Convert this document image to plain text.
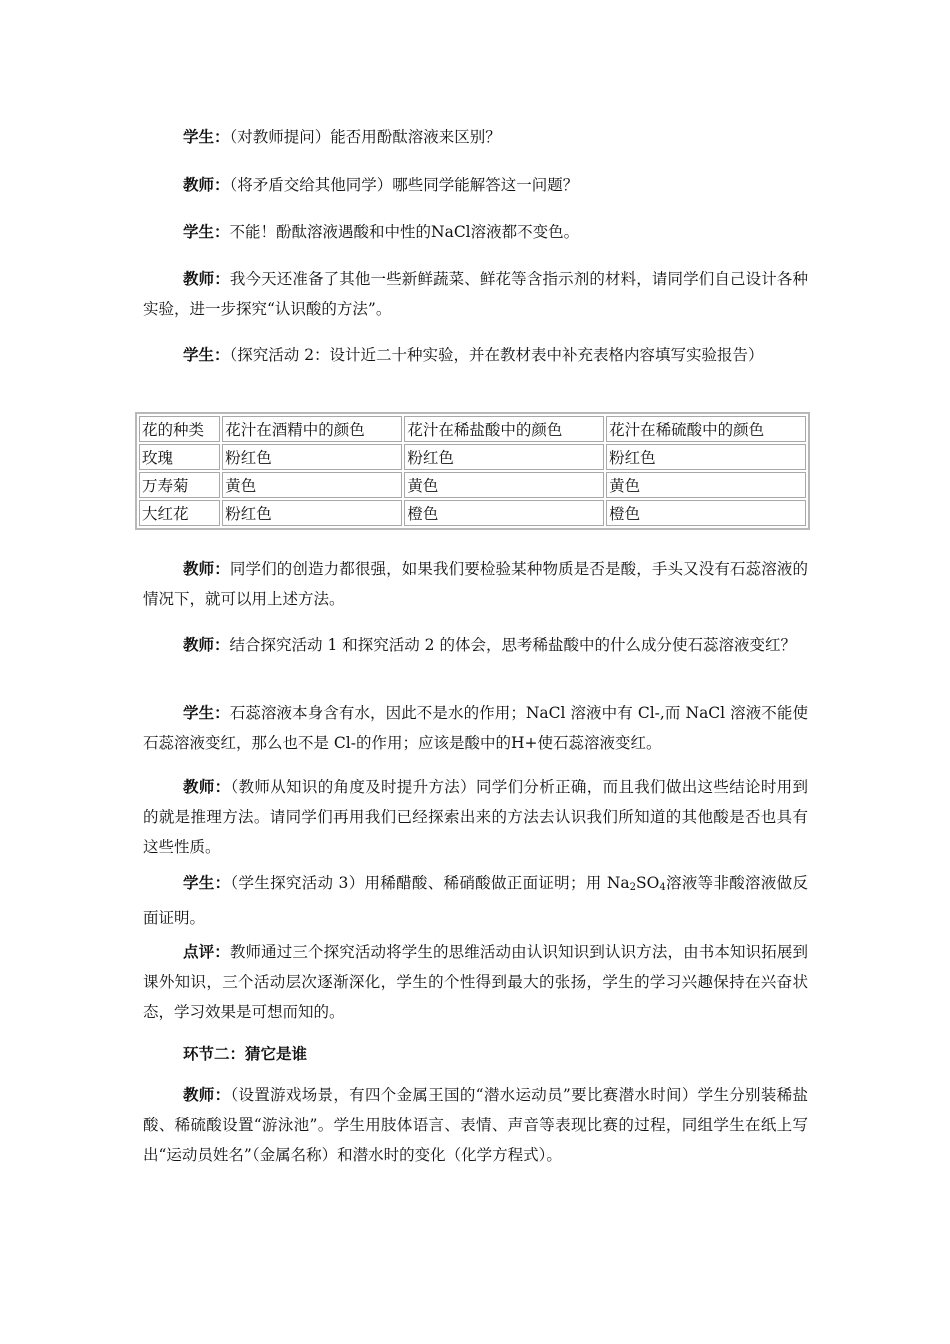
学生：（对教师提问）能否用酚酞溶液来区别？

教师：（将矛盾交给其他同学）哪些同学能解答这一问题？

学生：不能！酚酞溶液遇酸和中性的NaCl溶液都不变色。

教师：我今天还准备了其他一些新鲜蔬菜、鲜花等含指示剂的材料，请同学们自己设计各种实验，进一步探究“认识酸的方法”。

学生：（探究活动 2：设计近二十种实验，并在教材表中补充表格内容填写实验报告）

花的种类	花汁在酒精中的颜色	花汁在稀盐酸中的颜色	花汁在稀硫酸中的颜色
玫瑰	粉红色	粉红色	粉红色
万寿菊	黄色	黄色	黄色
大红花	粉红色	橙色	橙色

教师：同学们的创造力都很强，如果我们要检验某种物质是否是酸，手头又没有石蕊溶液的情况下，就可以用上述方法。

教师：结合探究活动 1 和探究活动 2 的体会，思考稀盐酸中的什么成分使石蕊溶液变红？

学生：石蕊溶液本身含有水，因此不是水的作用；NaCl 溶液中有 Cl-,而 NaCl 溶液不能使石蕊溶液变红，那么也不是 Cl-的作用；应该是酸中的H+使石蕊溶液变红。

教师：（教师从知识的角度及时提升方法）同学们分析正确，而且我们做出这些结论时用到的就是推理方法。请同学们再用我们已经探索出来的方法去认识我们所知道的其他酸是否也具有这些性质。

学生：（学生探究活动 3）用稀醋酸、稀硝酸做正面证明；用 $Na_2SO_4$溶液等非酸溶液做反面证明。

点评：教师通过三个探究活动将学生的思维活动由认识知识到认识方法，由书本知识拓展到课外知识，三个活动层次逐渐深化，学生的个性得到最大的张扬，学生的学习兴趣保持在兴奋状态，学习效果是可想而知的。

环节二：猜它是谁

教师：（设置游戏场景，有四个金属王国的“潜水运动员”要比赛潜水时间）学生分别装稀盐酸、稀硫酸设置“游泳池”。学生用肢体语言、表情、声音等表现比赛的过程，同组学生在纸上写出“运动员姓名”（金属名称）和潜水时的变化（化学方程式）。
